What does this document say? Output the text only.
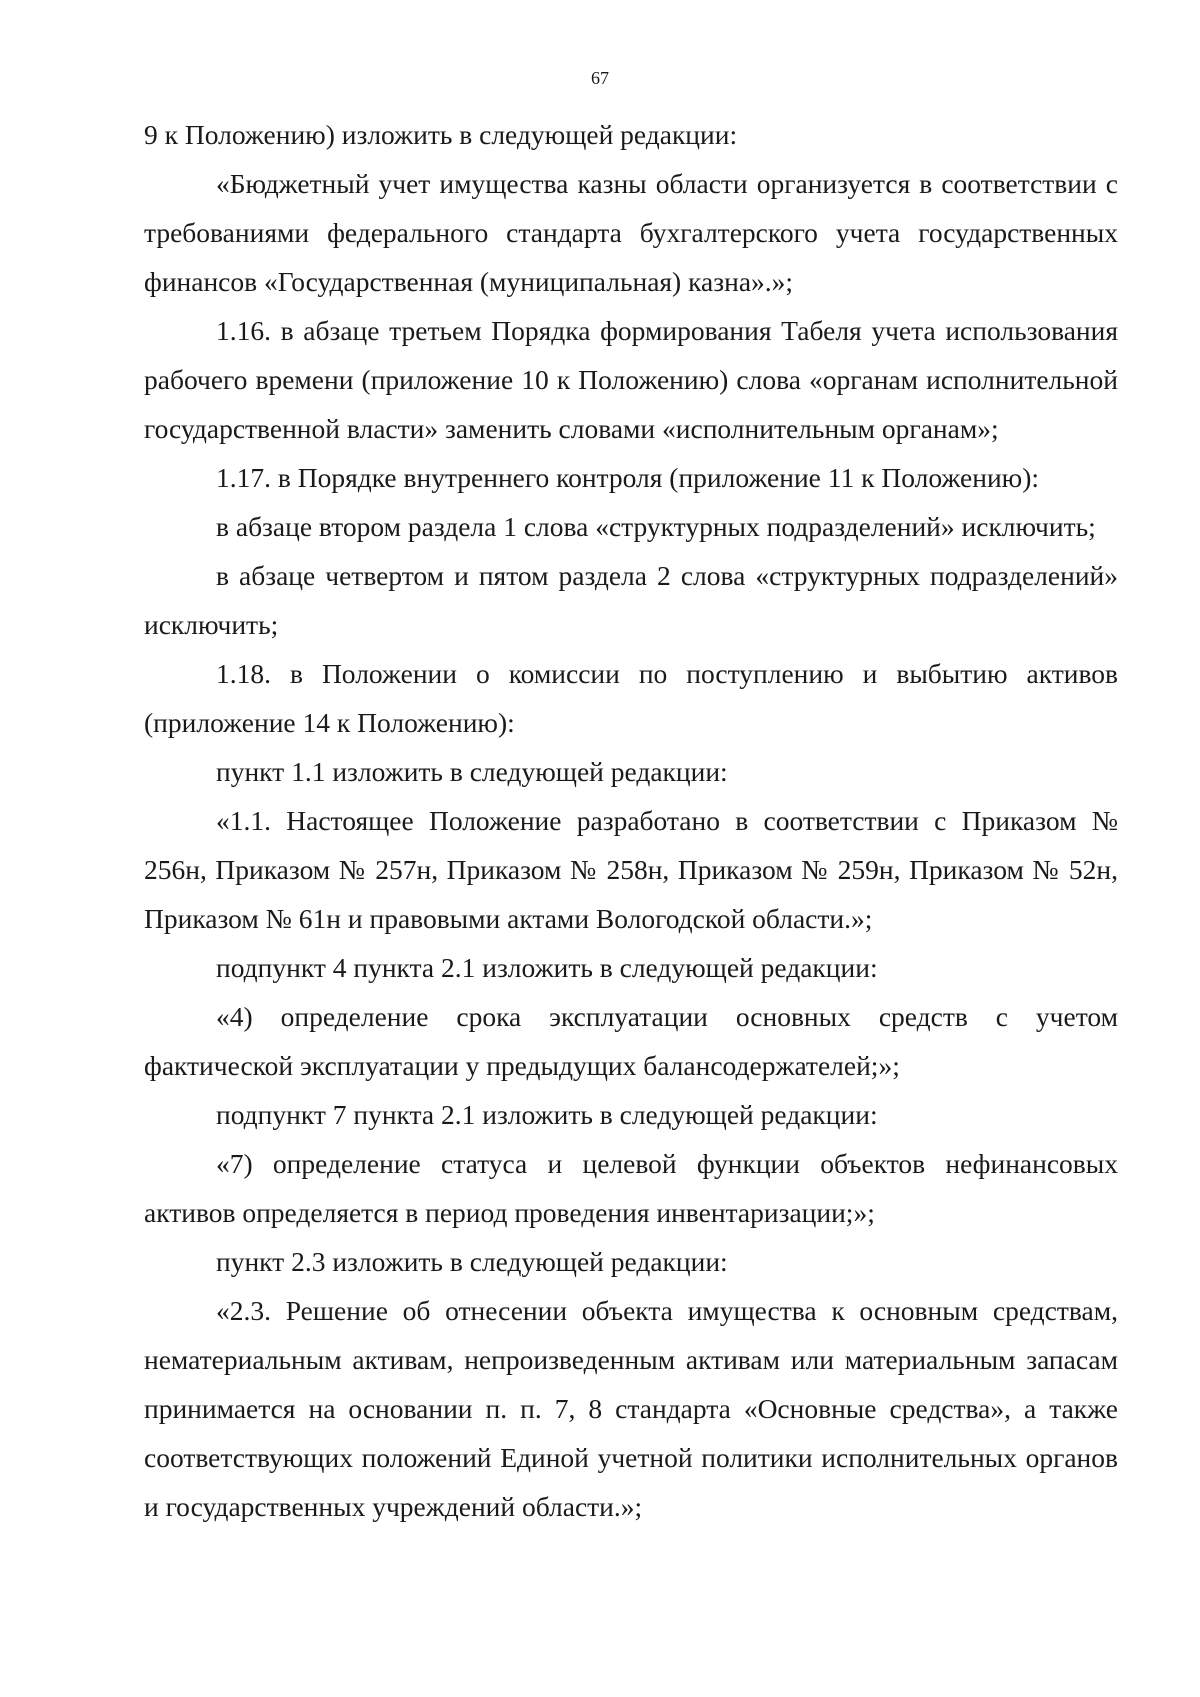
67

9 к Положению) изложить в следующей редакции:

«Бюджетный учет имущества казны области организуется в соответствии с требованиями федерального стандарта бухгалтерского учета государственных финансов «Государственная (муниципальная) казна».»;

1.16. в абзаце третьем Порядка формирования Табеля учета использования рабочего времени (приложение 10 к Положению) слова «органам исполнительной государственной власти» заменить словами «исполнительным органам»;

1.17. в Порядке внутреннего контроля (приложение 11 к Положению):

в абзаце втором раздела 1 слова «структурных подразделений» исключить;

в абзаце четвертом и пятом раздела 2 слова «структурных подразделений» исключить;

1.18. в Положении о комиссии по поступлению и выбытию активов (приложение 14 к Положению):

пункт 1.1 изложить в следующей редакции:

«1.1. Настоящее Положение разработано в соответствии с Приказом № 256н, Приказом № 257н, Приказом № 258н, Приказом № 259н, Приказом № 52н, Приказом № 61н и правовыми актами Вологодской области.»;

подпункт 4 пункта 2.1 изложить в следующей редакции:

«4) определение срока эксплуатации основных средств с учетом фактической эксплуатации у предыдущих балансодержателей;»;

подпункт 7 пункта 2.1 изложить в следующей редакции:

«7) определение статуса и целевой функции объектов нефинансовых активов определяется в период проведения инвентаризации;»;

пункт 2.3 изложить в следующей редакции:

«2.3. Решение об отнесении объекта имущества к основным средствам, нематериальным активам, непроизведенным активам или материальным запасам принимается на основании п. п. 7, 8 стандарта «Основные средства», а также соответствующих положений Единой учетной политики исполнительных органов и государственных учреждений области.»;
